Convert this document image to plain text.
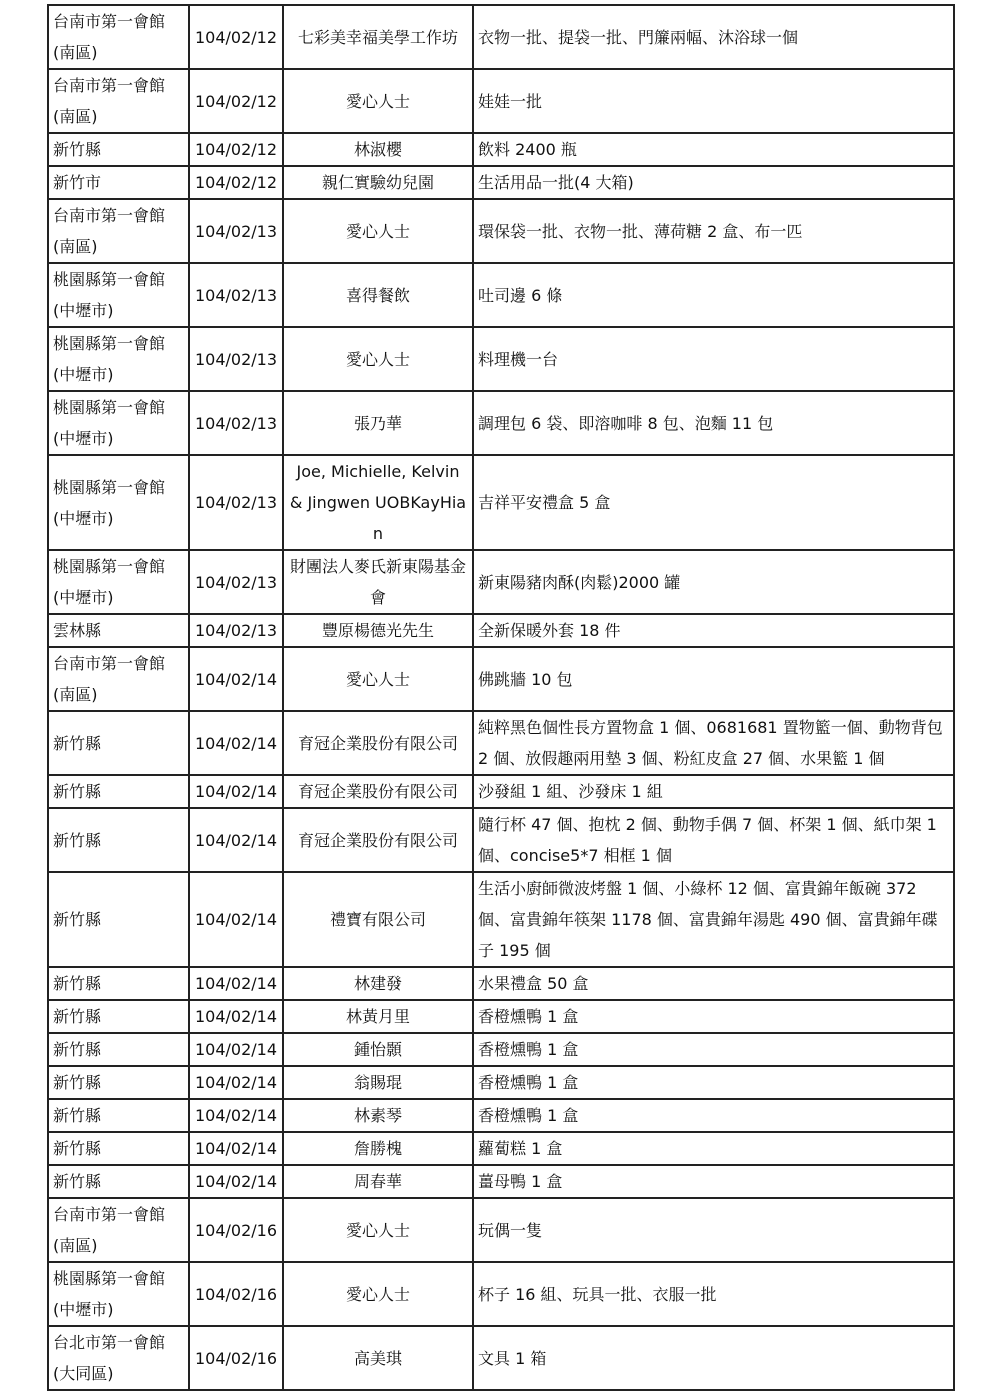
台南市第一會館(南區)	104/02/12	七彩美幸福美學工作坊	衣物一批、提袋一批、門簾兩幅、沐浴球一個
台南市第一會館(南區)	104/02/12	愛心人士	娃娃一批
新竹縣	104/02/12	林淑櫻	飲料 2400 瓶
新竹市	104/02/12	親仁實驗幼兒園	生活用品一批(4 大箱)
台南市第一會館(南區)	104/02/13	愛心人士	環保袋一批、衣物一批、薄荷糖 2 盒、布一匹
桃園縣第一會館(中壢市)	104/02/13	喜得餐飲	吐司邊 6 條
桃園縣第一會館(中壢市)	104/02/13	愛心人士	料理機一台
桃園縣第一會館(中壢市)	104/02/13	張乃華	調理包 6 袋、即溶咖啡 8 包、泡麵 11 包
桃園縣第一會館(中壢市)	104/02/13	Joe, Michielle, Kelvin & Jingwen UOBKayHian	吉祥平安禮盒 5 盒
桃園縣第一會館(中壢市)	104/02/13	財團法人麥氏新東陽基金會	新東陽豬肉酥(肉鬆)2000 罐
雲林縣	104/02/13	豐原楊德光先生	全新保暖外套 18 件
台南市第一會館(南區)	104/02/14	愛心人士	佛跳牆 10 包
新竹縣	104/02/14	育冠企業股份有限公司	純粹黑色個性長方置物盒 1 個、0681681 置物籃一個、動物背包 2 個、放假趣兩用墊 3 個、粉紅皮盒 27 個、水果籃 1 個
新竹縣	104/02/14	育冠企業股份有限公司	沙發組 1 組、沙發床 1 組
新竹縣	104/02/14	育冠企業股份有限公司	隨行杯 47 個、抱枕 2 個、動物手偶 7 個、杯架 1 個、紙巾架 1 個、concise5*7 相框 1 個
新竹縣	104/02/14	禮寶有限公司	生活小廚師微波烤盤 1 個、小綠杯 12 個、富貴錦年飯碗 372 個、富貴錦年筷架 1178 個、富貴錦年湯匙 490 個、富貴錦年碟子 195 個
新竹縣	104/02/14	林建發	水果禮盒 50 盒
新竹縣	104/02/14	林黃月里	香橙燻鴨 1 盒
新竹縣	104/02/14	鍾怡顥	香橙燻鴨 1 盒
新竹縣	104/02/14	翁賜琨	香橙燻鴨 1 盒
新竹縣	104/02/14	林素琴	香橙燻鴨 1 盒
新竹縣	104/02/14	詹勝槐	蘿蔔糕 1 盒
新竹縣	104/02/14	周春華	薑母鴨 1 盒
台南市第一會館(南區)	104/02/16	愛心人士	玩偶一隻
桃園縣第一會館(中壢市)	104/02/16	愛心人士	杯子 16 組、玩具一批、衣服一批
台北市第一會館(大同區)	104/02/16	高美琪	文具 1 箱
